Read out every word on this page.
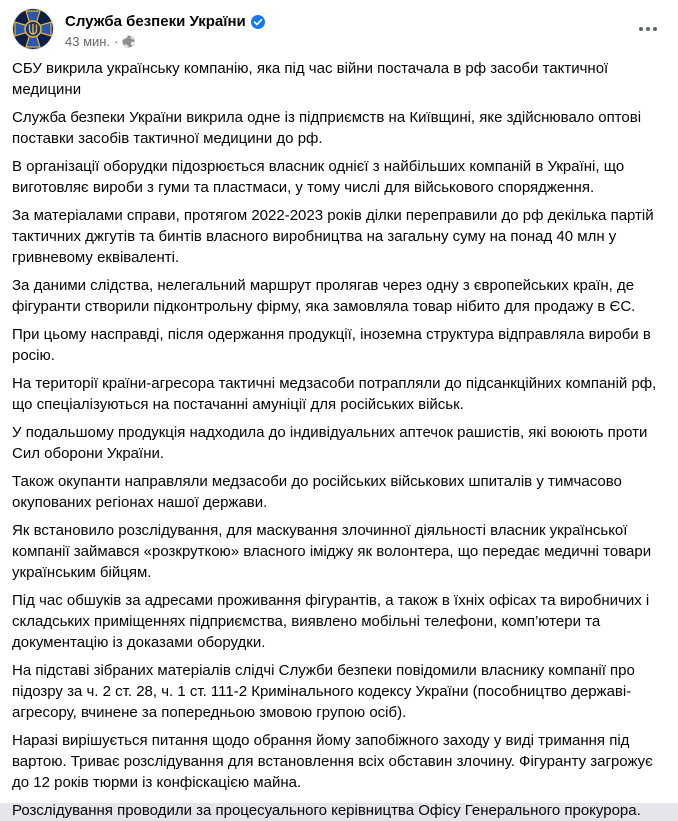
Служба безпеки України
43 мин. ·

СБУ викрила українську компанію, яка під час війни постачала в рф засоби тактичної медицини

Служба безпеки України викрила одне із підприємств на Київщині, яке здійснювало оптові поставки засобів тактичної медицини до рф.

В організації оборудки підозрюється власник однієї з найбільших компаній в Україні, що виготовляє вироби з гуми та пластмаси, у тому числі для військового спорядження.

За матеріалами справи, протягом 2022-2023 років ділки переправили до рф декілька партій тактичних джгутів та бинтів власного виробництва на загальну суму на понад 40 млн у гривневому еквіваленті.

За даними слідства, нелегальний маршрут пролягав через одну з європейських країн, де фігуранти створили підконтрольну фірму, яка замовляла товар нібито для продажу в ЄС.

При цьому насправді, після одержання продукції, іноземна структура відправляла вироби в росію.

На території країни-агресора тактичні медзасоби потрапляли до підсанкційних компаній рф, що спеціалізуються на постачанні амуніції для російських військ.

У подальшому продукція надходила до індивідуальних аптечок рашистів, які воюють проти Сил оборони України.

Також окупанти направляли медзасоби до російських військових шпиталів у тимчасово окупованих регіонах нашої держави.

Як встановило розслідування, для маскування злочинної діяльності власник української компанії займався «розкруткою» власного іміджу як волонтера, що передає медичні товари українським бійцям.

Під час обшуків за адресами проживання фігурантів, а також в їхніх офісах та виробничих і складських приміщеннях підприємства, виявлено мобільні телефони, комп’ютери та документацію із доказами оборудки.

На підставі зібраних матеріалів слідчі Служби безпеки повідомили власнику компанії про підозру за ч. 2 ст. 28, ч. 1 ст. 111-2 Кримінального кодексу України (пособництво державі-агресору, вчинене за попередньою змовою групою осіб).

Наразі вирішується питання щодо обрання йому запобіжного заходу у виді тримання під вартою. Триває розслідування для встановлення всіх обставин злочину. Фігуранту загрожує до 12 років тюрми із конфіскацією майна.

Розслідування проводили за процесуального керівництва Офісу Генерального прокурора.
